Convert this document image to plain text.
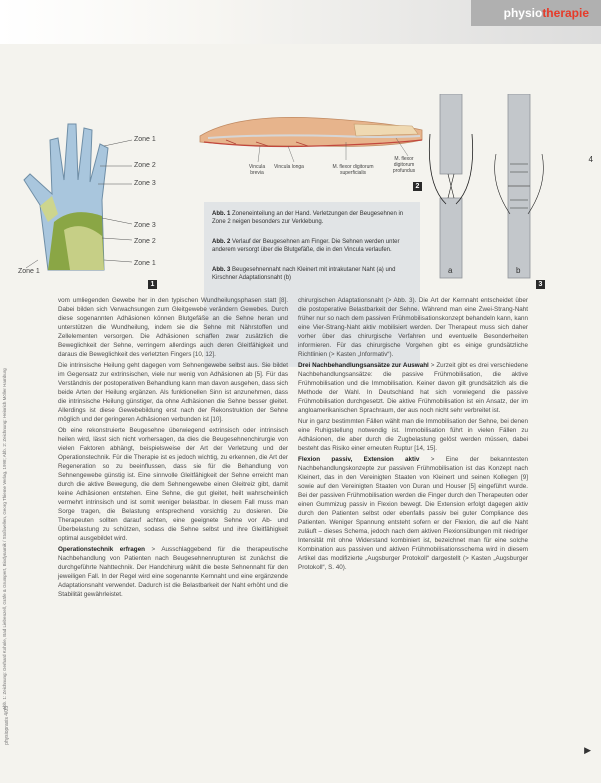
physiotherapie
4
Zone 1
Zone 2
Zone 3
Zone 3
Zone 2
Zone 1
Zone 1
1
Vincula brevia
Vincula longa	M. flexor digitorum superficialis
M. flexor digitorum profundus
2
Abb. 1 Zoneneinteilung an der Hand. Verletzungen der Beugesehnen in Zone 2 neigen besonders zur Verklebung.
Abb. 2 Verlauf der Beugesehnen am Finger. Die Sehnen werden unter anderem versorgt über die Blutgefäße, die in den Vincula verlaufen.
Abb. 3 Beugesehnennaht nach Kleinert mit intrakutaner Naht (a) und Kirschner Adaptationsnaht (b)
a	b
3
Abb. 1: Zeichnung: Gerhard Kohnle, Bad Liebenzell, Gräfe & Grumpert, Biodynamik / Stoßwellen, Georg Thieme Verlag, 1998; Abb. 2: Zeichnung: Heinrich Möller Hamburg
physiopraxis 4/05

vom umliegenden Gewebe her in den typischen Wundheilungsphasen statt [8]. Dabei bilden sich Verwachsungen zum Gleitgewebe verändern Gewebes. Durch diese sogenannten Adhäsionen können Blutgefäße an die Sehne heran und unterstützen die Wundheilung, indem sie die Sehne mit Nährstoffen und Zellelementen versorgen. Die Adhäsionen schaffen zwar zusätzlich die Beweglichkeit der Sehne, verringern allerdings auch deren Gleitfähigkeit und daraus die Beweglichkeit des verletzten Fingers [10, 12].

Die intrinsische Heilung geht dagegen vom Sehnengewebe selbst aus. Sie bildet im Gegensatz zur extrinsischen, viele nur wenig von Adhäsionen ab [5]. Für das Verständnis der postoperativen Behandlung kann man davon ausgehen, dass sich beide Arten der Heilung ergänzen. Als funktionellen Sinn ist anzunehmen, dass die intrinsische Heilung günstiger, da ohne Adhäsionen die Sehne besser gleitet. Allerdings ist diese Gewebebildung erst nach der Rekonstruktion der Sehne möglich und der geringeren Adhäsionen verbunden ist [10].

Ob eine rekonstruierte Beugesehne überwiegend extrinsisch oder intrinsisch heilen wird, lässt sich nicht vorhersagen, da dies die Beugesehnenchirurgie von vielen Faktoren abhängt, beispielsweise der Art der Verletzung und der Operationstechnik. Für die Therapie ist es jedoch wichtig, zu erkennen, die Art der Regeneration so zu beeinflussen, dass sie für die Behandlung von Sehnengewebe günstig ist. Eine sinnvolle Gleitfähigkeit der Sehne erreicht man durch die aktive Bewegung, die dem Sehnengewebe einen Gleitreiz gibt, damit keine Adhäsionen entstehen. Eine Sehne, die gut gleitet, heilt wahrscheinlich vermehrt intrinsisch und ist somit weniger belastbar. In diesem Fall muss man Sorge tragen, die Belastung entsprechend vorsichtig zu dosieren. Die Therapeuten sollten darauf achten, eine geeignete Sehne vor Ab- und Überbelastung zu schützen, sodass die Sehne selbst und ihre Gleitfähigkeit optimal ausgebildet wird.

Operationstechnik erfragen > Ausschlaggebend für die therapeutische Nachbehandlung von Patienten nach Beugesehnenrupturen ist zunächst die durchgeführte Nahttechnik. Der Handchirurg wählt die beste Sehnennaht für den jeweiligen Fall. In der Regel wird eine sogenannte Kernnaht und eine ergänzende Adaptationsnaht verwendet. Dadurch ist die Belastbarkeit der Naht erhöht und die Stabilität gewährleistet.

chirurgischen Adaptationsnaht (> Abb. 3). Die Art der Kernnaht entscheidet über die postoperative Belastbarkeit der Sehne. Während man eine Zwei-Strang-Naht früher nur so nach dem passiven Frühmobilisationskonzept behandeln kann, kann eine Vier-Strang-Naht aktiv mobilisiert werden. Der Therapeut muss sich daher vorher über das chirurgische Verfahren und eventuelle Besonderheiten informieren. Für das chirurgische Vorgehen gibt es einige grundsätzliche Richtlinien (> Kasten „Informativ“).

Drei Nachbehandlungsansätze zur Auswahl > Zurzeit gibt es drei verschiedene Nachbehandlungsansätze: die passive Frühmobilisation, die aktive Frühmobilisation und die Immobilisation. Keiner davon gilt grundsätzlich als die Methode der Wahl. In Deutschland hat sich vorwiegend die passive Frühmobilisation durchgesetzt. Die aktive Frühmobilisation ist ein Ansatz, der im angloamerikanischen Sprachraum, der aus noch nicht sehr verbreitet ist.

Nur in ganz bestimmten Fällen wählt man die Immobilisation der Sehne, bei denen eine Ruhigstellung notwendig ist. Immobilisation führt in vielen Fällen zu Adhäsionen, die aber durch die Zugbelastung gelöst werden müssen, dabei besteht das Risiko einer erneuten Ruptur [14, 15].

Flexion passiv, Extension aktiv > Eine der bekanntesten Nachbehandlungskonzepte zur passiven Frühmobilisation ist das Konzept nach Kleinert, das in den Vereinigten Staaten von Kleinert und seinen Kollegen [9] sowie auf den Vereinigten Staaten von Duran und Houser [5] eingeführt wurde. Bei der passiven Frühmobilisation werden die Finger durch den Therapeuten oder einen Gummizug passiv in Flexion bewegt. Die Extension erfolgt dagegen aktiv durch den Patienten selbst oder ebenfalls passiv bei guter Compliance des Patienten. Weniger Spannung entsteht sofern er der Flexion, die auf die Naht zuläuft – dieses Schema, jedoch nach dem aktiven Flexionsübungen mit niedriger Intensität mit ohne Widerstand kombiniert ist, bezeichnet man für eine solche Kombination aus passiven und aktiven Frühmobilisationsschema wird in diesem Artikel das modifizierte „Augsburger Protokoll“ dargestellt (> Kasten „Augsburger Protokoll“, S. 40).

▶
